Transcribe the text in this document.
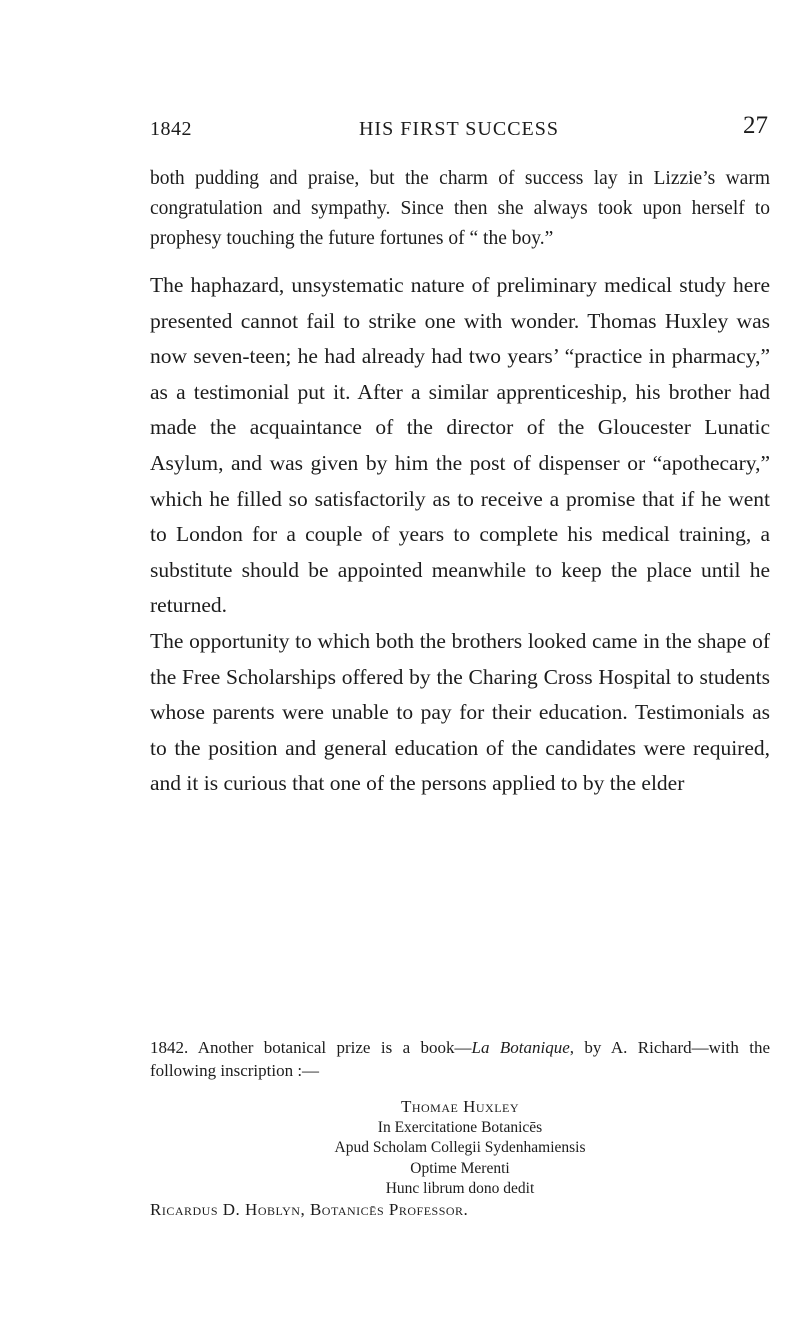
1842	HIS FIRST SUCCESS	27

both pudding and praise, but the charm of success lay in Lizzie’s warm congratulation and sympathy. Since then she always took upon herself to prophesy touching the future fortunes of “ the boy.”

The haphazard, unsystematic nature of preliminary medical study here presented cannot fail to strike one with wonder. Thomas Huxley was now seven-teen; he had already had two years’ “practice in pharmacy,” as a testimonial put it. After a similar apprenticeship, his brother had made the acquaintance of the director of the Gloucester Lunatic Asylum, and was given by him the post of dispenser or “apothecary,” which he filled so satisfactorily as to receive a promise that if he went to London for a couple of years to complete his medical training, a substitute should be appointed meanwhile to keep the place until he returned.

The opportunity to which both the brothers looked came in the shape of the Free Scholarships offered by the Charing Cross Hospital to students whose parents were unable to pay for their education. Testimonials as to the position and general education of the candidates were required, and it is curious that one of the persons applied to by the elder

1842. Another botanical prize is a book—La Botanique, by A. Richard—with the following inscription :—

Thomae Huxley
In Exercitatione Botanicēs
Apud Scholam Collegii Sydenhamiensis
Optime Merenti
Hunc librum dono dedit
Ricardus D. Hoblyn, Botanicēs Professor.
